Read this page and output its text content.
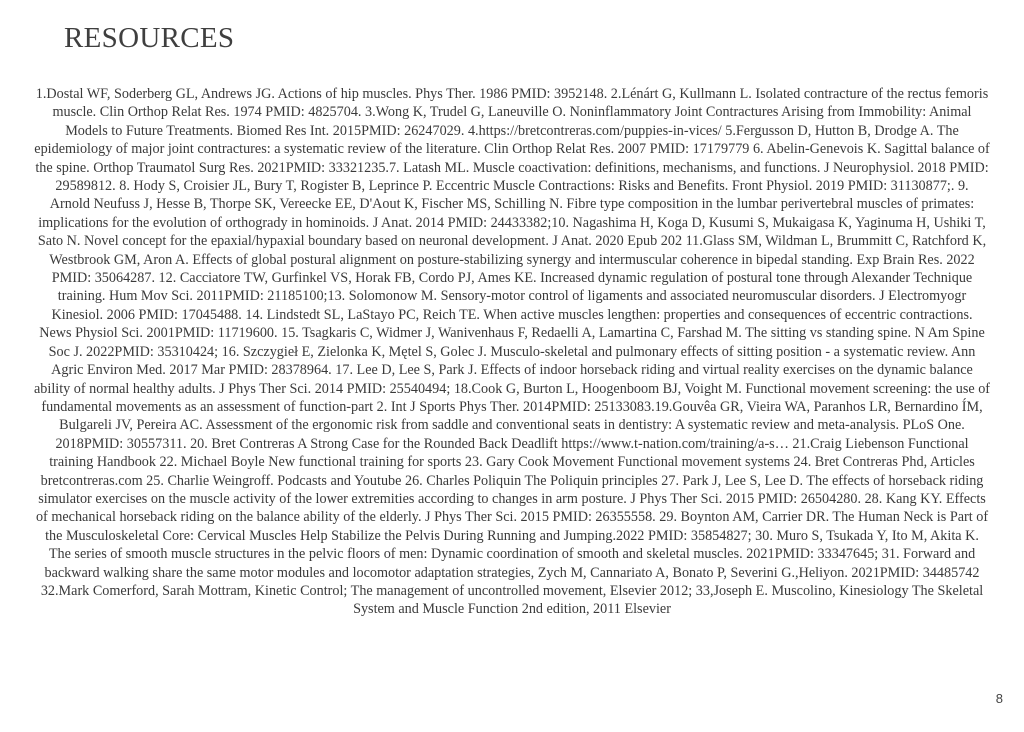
RESOURCES
1.Dostal WF, Soderberg GL, Andrews JG. Actions of hip muscles. Phys Ther. 1986 PMID: 3952148. 2.Lénárt G, Kullmann L. Isolated contracture of the rectus femoris muscle. Clin Orthop Relat Res. 1974 PMID: 4825704. 3.Wong K, Trudel G, Laneuville O. Noninflammatory Joint Contractures Arising from Immobility: Animal Models to Future Treatments. Biomed Res Int. 2015PMID: 26247029. 4.https://bretcontreras.com/puppies-in-vices/ 5.Fergusson D, Hutton B, Drodge A. The epidemiology of major joint contractures: a systematic review of the literature. Clin Orthop Relat Res. 2007 PMID: 17179779 6. Abelin-Genevois K. Sagittal balance of the spine. Orthop Traumatol Surg Res. 2021PMID: 33321235.7. Latash ML. Muscle coactivation: definitions, mechanisms, and functions. J Neurophysiol. 2018 PMID: 29589812. 8. Hody S, Croisier JL, Bury T, Rogister B, Leprince P. Eccentric Muscle Contractions: Risks and Benefits. Front Physiol. 2019 PMID: 31130877;. 9. Arnold Neufuss J, Hesse B, Thorpe SK, Vereecke EE, D'Aout K, Fischer MS, Schilling N. Fibre type composition in the lumbar perivertebral muscles of primates: implications for the evolution of orthogrady in hominoids. J Anat. 2014 PMID: 24433382;10. Nagashima H, Koga D, Kusumi S, Mukaigasa K, Yaginuma H, Ushiki T, Sato N. Novel concept for the epaxial/hypaxial boundary based on neuronal development. J Anat. 2020 Epub 202 11.Glass SM, Wildman L, Brummitt C, Ratchford K, Westbrook GM, Aron A. Effects of global postural alignment on posture-stabilizing synergy and intermuscular coherence in bipedal standing. Exp Brain Res. 2022 PMID: 35064287. 12. Cacciatore TW, Gurfinkel VS, Horak FB, Cordo PJ, Ames KE. Increased dynamic regulation of postural tone through Alexander Technique training. Hum Mov Sci. 2011PMID: 21185100;13. Solomonow M. Sensory-motor control of ligaments and associated neuromuscular disorders. J Electromyogr Kinesiol. 2006 PMID: 17045488. 14. Lindstedt SL, LaStayo PC, Reich TE. When active muscles lengthen: properties and consequences of eccentric contractions. News Physiol Sci. 2001PMID: 11719600. 15. Tsagkaris C, Widmer J, Wanivenhaus F, Redaelli A, Lamartina C, Farshad M. The sitting vs standing spine. N Am Spine Soc J. 2022PMID: 35310424; 16. Szczygieł E, Zielonka K, Mętel S, Golec J. Musculo-skeletal and pulmonary effects of sitting position - a systematic review. Ann Agric Environ Med. 2017 Mar PMID: 28378964. 17. Lee D, Lee S, Park J. Effects of indoor horseback riding and virtual reality exercises on the dynamic balance ability of normal healthy adults. J Phys Ther Sci. 2014 PMID: 25540494; 18.Cook G, Burton L, Hoogenboom BJ, Voight M. Functional movement screening: the use of fundamental movements as an assessment of function-part 2. Int J Sports Phys Ther. 2014PMID: 25133083.19.Gouvêa GR, Vieira WA, Paranhos LR, Bernardino ÍM, Bulgareli JV, Pereira AC. Assessment of the ergonomic risk from saddle and conventional seats in dentistry: A systematic review and meta-analysis. PLoS One. 2018PMID: 30557311. 20. Bret Contreras A Strong Case for the Rounded Back Deadlift https://www.t-nation.com/training/a-s… 21.Craig Liebenson Functional training Handbook 22. Michael Boyle New functional training for sports 23. Gary Cook Movement Functional movement systems 24. Bret Contreras Phd, Articles bretcontreras.com 25. Charlie Weingroff. Podcasts and Youtube 26. Charles Poliquin The Poliquin principles 27. Park J, Lee S, Lee D. The effects of horseback riding simulator exercises on the muscle activity of the lower extremities according to changes in arm posture. J Phys Ther Sci. 2015 PMID: 26504280. 28. Kang KY. Effects of mechanical horseback riding on the balance ability of the elderly. J Phys Ther Sci. 2015 PMID: 26355558. 29. Boynton AM, Carrier DR. The Human Neck is Part of the Musculoskeletal Core: Cervical Muscles Help Stabilize the Pelvis During Running and Jumping.2022 PMID: 35854827; 30. Muro S, Tsukada Y, Ito M, Akita K. The series of smooth muscle structures in the pelvic floors of men: Dynamic coordination of smooth and skeletal muscles. 2021PMID: 33347645; 31. Forward and backward walking share the same motor modules and locomotor adaptation strategies, Zych M, Cannariato A, Bonato P, Severini G.,Heliyon. 2021PMID: 34485742 32.Mark Comerford, Sarah Mottram, Kinetic Control; The management of uncontrolled movement, Elsevier 2012; 33,Joseph E. Muscolino, Kinesiology The Skeletal System and Muscle Function 2nd edition, 2011 Elsevier
8
